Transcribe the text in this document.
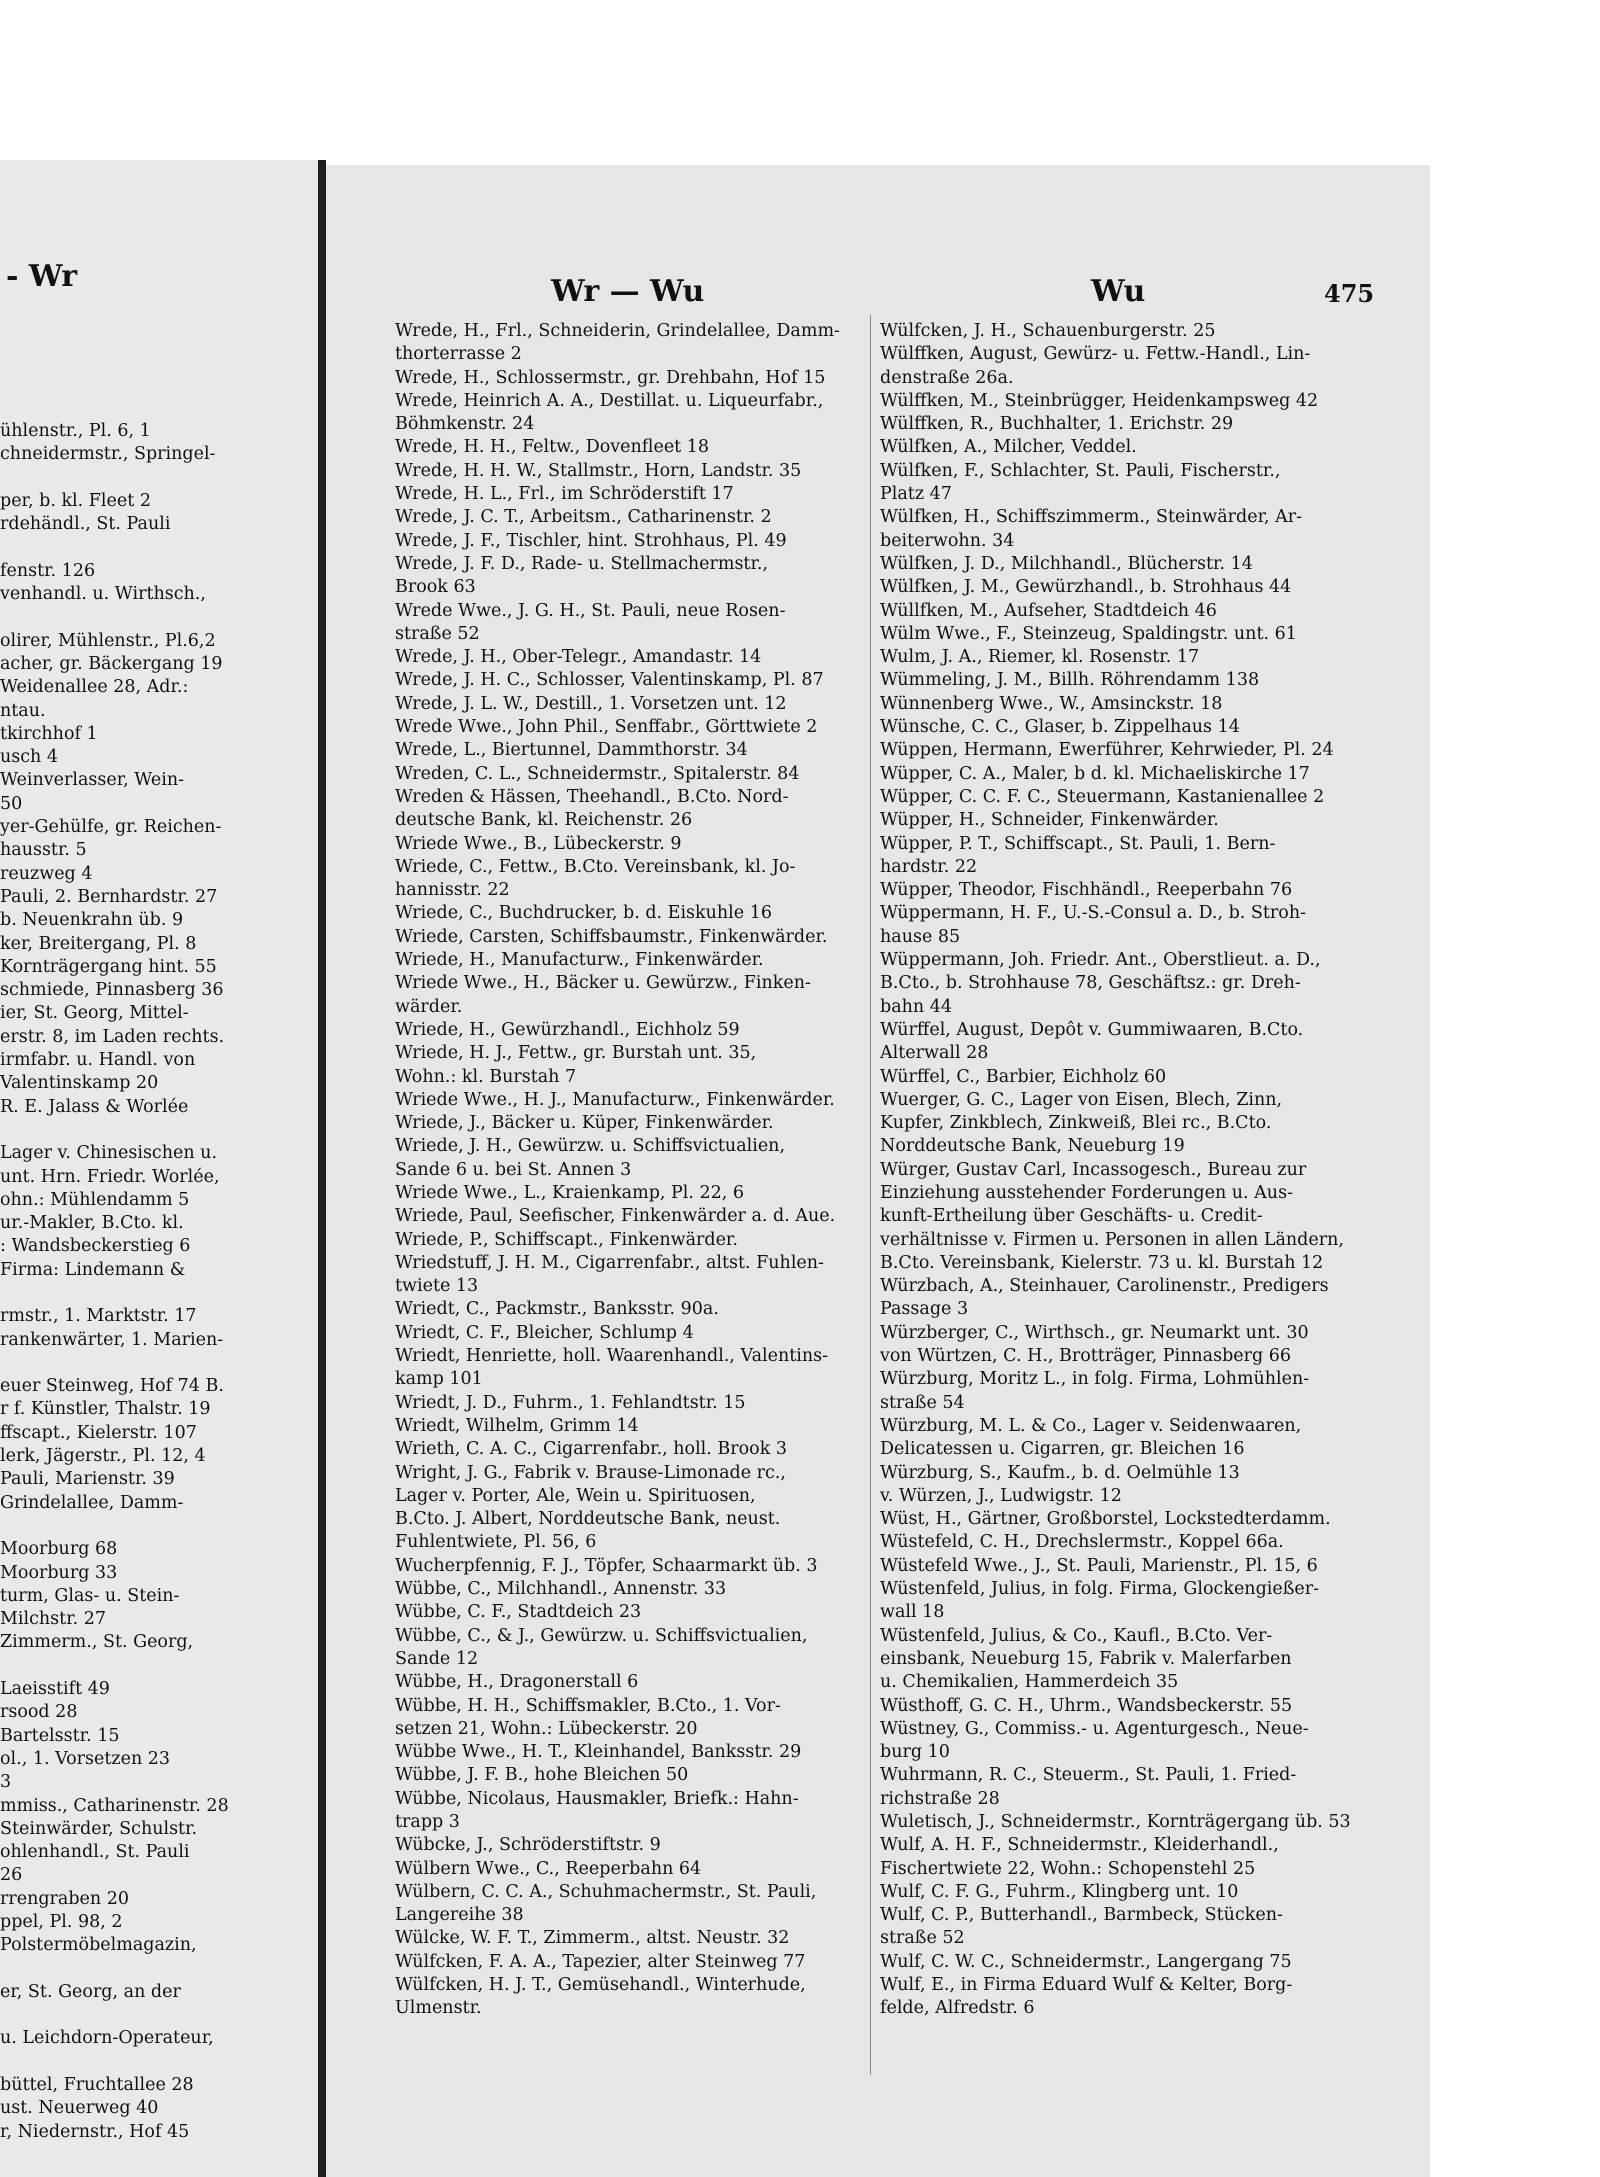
- Wr
ühlenstr., Pl. 6, 1
chneidermstr., Springel-

per, b. kl. Fleet 2
rdehändl., St. Pauli

fenstr. 126
venhandl. u. Wirthsch.,

olirer, Mühlenstr., Pl.6,2
acher, gr. Bäckergang 19
Weidenallee 28, Adr.:
ntau.
tkirchhof 1
usch 4
Weinverlasser, Wein-
50
yer-Gehülfe, gr. Reichen-
hausstr. 5
reuzweg 4
Pauli, 2. Bernhardstr. 27
b. Neuenkrahn üb. 9
ker, Breitergang, Pl. 8
Kornträgergang hint. 55
schmiede, Pinnasberg 36
ier, St. Georg, Mittel-
erstr. 8, im Laden rechts.
irmfabr. u. Handl. von
Valentinskamp 20
R. E. Jalass & Worlée

Lager v. Chinesischen u.
unt. Hrn. Friedr. Worlée,
ohn.: Mühlendamm 5
ur.-Makler, B.Cto. kl.
: Wandsbeckerstieg 6
Firma: Lindemann &

rmstr., 1. Marktstr. 17
rankenwärter, 1. Marien-

euer Steinweg, Hof 74 B.
r f. Künstler, Thalstr. 19
ffscapt., Kielerstr. 107
lerk, Jägerstr., Pl. 12, 4
Pauli, Marienstr. 39
Grindelallee, Damm-

Moorburg 68
Moorburg 33
turm, Glas- u. Stein-
Milchstr. 27
Zimmerm., St. Georg,

Laeisstift 49
rsood 28
Bartelsstr. 15
ol., 1. Vorsetzen 23
3
mmiss., Catharinenstr. 28
Steinwärder, Schulstr.
ohlenhandl., St. Pauli
26
rrengraben 20
ppel, Pl. 98, 2
Polstermöbelmagazin,

er, St. Georg, an der

u. Leichdorn-Operateur,

büttel, Fruchtallee 28
ust. Neuerweg 40
r, Niedernstr., Hof 45
Wr — Wu	Wu	475
Wrede, H., Frl., Schneiderin, Grindelallee, Damm-
thorterrasse 2
Wrede, H., Schlossermstr., gr. Drehbahn, Hof 15
Wrede, Heinrich A. A., Destillat. u. Liqueurfabr.,
Böhmkenstr. 24
Wrede, H. H., Feltw., Dovenfleet 18
Wrede, H. H. W., Stallmstr., Horn, Landstr. 35
Wrede, H. L., Frl., im Schröderstift 17
Wrede, J. C. T., Arbeitsm., Catharinenstr. 2
Wrede, J. F., Tischler, hint. Strohhaus, Pl. 49
Wrede, J. F. D., Rade- u. Stellmachermstr.,
Brook 63
Wrede Wwe., J. G. H., St. Pauli, neue Rosen-
straße 52
Wrede, J. H., Ober-Telegr., Amandastr. 14
Wrede, J. H. C., Schlosser, Valentinskamp, Pl. 87
Wrede, J. L. W., Destill., 1. Vorsetzen unt. 12
Wrede Wwe., John Phil., Senffabr., Görttwiete 2
Wrede, L., Biertunnel, Dammthorstr. 34
Wreden, C. L., Schneidermstr., Spitalerstr. 84
Wreden & Hässen, Theehandl., B.Cto. Nord-
deutsche Bank, kl. Reichenstr. 26
Wriede Wwe., B., Lübeckerstr. 9
Wriede, C., Fettw., B.Cto. Vereinsbank, kl. Jo-
hannisstr. 22
Wriede, C., Buchdrucker, b. d. Eiskuhle 16
Wriede, Carsten, Schiffsbaumstr., Finkenwärder.
Wriede, H., Manufacturw., Finkenwärder.
Wriede Wwe., H., Bäcker u. Gewürzw., Finken-
wärder.
Wriede, H., Gewürzhandl., Eichholz 59
Wriede, H. J., Fettw., gr. Burstah unt. 35,
Wohn.: kl. Burstah 7
Wriede Wwe., H. J., Manufacturw., Finkenwärder.
Wriede, J., Bäcker u. Küper, Finkenwärder.
Wriede, J. H., Gewürzw. u. Schiffsvictualien,
Sande 6 u. bei St. Annen 3
Wriede Wwe., L., Kraienkamp, Pl. 22, 6
Wriede, Paul, Seefischer, Finkenwärder a. d. Aue.
Wriede, P., Schiffscapt., Finkenwärder.
Wriedstuff, J. H. M., Cigarrenfabr., altst. Fuhlen-
twiete 13
Wriedt, C., Packmstr., Banksstr. 90a.
Wriedt, C. F., Bleicher, Schlump 4
Wriedt, Henriette, holl. Waarenhandl., Valentins-
kamp 101
Wriedt, J. D., Fuhrm., 1. Fehlandtstr. 15
Wriedt, Wilhelm, Grimm 14
Wrieth, C. A. C., Cigarrenfabr., holl. Brook 3
Wright, J. G., Fabrik v. Brause-Limonade rc.,
Lager v. Porter, Ale, Wein u. Spirituosen,
B.Cto. J. Albert, Norddeutsche Bank, neust.
Fuhlentwiete, Pl. 56, 6
Wucherpfennig, F. J., Töpfer, Schaarmarkt üb. 3
Wübbe, C., Milchhandl., Annenstr. 33
Wübbe, C. F., Stadtdeich 23
Wübbe, C., & J., Gewürzw. u. Schiffsvictualien,
Sande 12
Wübbe, H., Dragonerstall 6
Wübbe, H. H., Schiffsmakler, B.Cto., 1. Vor-
setzen 21, Wohn.: Lübeckerstr. 20
Wübbe Wwe., H. T., Kleinhandel, Banksstr. 29
Wübbe, J. F. B., hohe Bleichen 50
Wübbe, Nicolaus, Hausmakler, Briefk.: Hahn-
trapp 3
Wübcke, J., Schröderstiftstr. 9
Wülbern Wwe., C., Reeperbahn 64
Wülbern, C. C. A., Schuhmachermstr., St. Pauli,
Langereihe 38
Wülcke, W. F. T., Zimmerm., altst. Neustr. 32
Wülfcken, F. A. A., Tapezier, alter Steinweg 77
Wülfcken, H. J. T., Gemüsehandl., Winterhude,
Ulmenstr.
Wülfcken, J. H., Schauenburgerstr. 25
Wülffken, August, Gewürz- u. Fettw.-Handl., Lin-
denstraße 26a.
Wülffken, M., Steinbrügger, Heidenkampsweg 42
Wülffken, R., Buchhalter, 1. Erichstr. 29
Wülfken, A., Milcher, Veddel.
Wülfken, F., Schlachter, St. Pauli, Fischerstr.,
Platz 47
Wülfken, H., Schiffszimmerm., Steinwärder, Ar-
beiterwohn. 34
Wülfken, J. D., Milchhandl., Blücherstr. 14
Wülfken, J. M., Gewürzhandl., b. Strohhaus 44
Wüllfken, M., Aufseher, Stadtdeich 46
Wülm Wwe., F., Steinzeug, Spaldingstr. unt. 61
Wulm, J. A., Riemer, kl. Rosenstr. 17
Wümmeling, J. M., Billh. Röhrendamm 138
Wünnenberg Wwe., W., Amsinckstr. 18
Wünsche, C. C., Glaser, b. Zippelhaus 14
Wüppen, Hermann, Ewerführer, Kehrwieder, Pl. 24
Wüpper, C. A., Maler, b d. kl. Michaeliskirche 17
Wüpper, C. C. F. C., Steuermann, Kastanienallee 2
Wüpper, H., Schneider, Finkenwärder.
Wüpper, P. T., Schiffscapt., St. Pauli, 1. Bern-
hardstr. 22
Wüpper, Theodor, Fischhändl., Reeperbahn 76
Wüppermann, H. F., U.-S.-Consul a. D., b. Stroh-
hause 85
Wüppermann, Joh. Friedr. Ant., Oberstlieut. a. D.,
B.Cto., b. Strohhause 78, Geschäftsz.: gr. Dreh-
bahn 44
Würffel, August, Depôt v. Gummiwaaren, B.Cto.
Alterwall 28
Würffel, C., Barbier, Eichholz 60
Wuerger, G. C., Lager von Eisen, Blech, Zinn,
Kupfer, Zinkblech, Zinkweiß, Blei rc., B.Cto.
Norddeutsche Bank, Neueburg 19
Würger, Gustav Carl, Incassogesch., Bureau zur
Einziehung ausstehender Forderungen u. Aus-
kunft-Ertheilung über Geschäfts- u. Credit-
verhältnisse v. Firmen u. Personen in allen Ländern,
B.Cto. Vereinsbank, Kielerstr. 73 u. kl. Burstah 12
Würzbach, A., Steinhauer, Carolinenstr., Predigers
Passage 3
Würzberger, C., Wirthsch., gr. Neumarkt unt. 30
von Würtzen, C. H., Brotträger, Pinnasberg 66
Würzburg, Moritz L., in folg. Firma, Lohmühlen-
straße 54
Würzburg, M. L. & Co., Lager v. Seidenwaaren,
Delicatessen u. Cigarren, gr. Bleichen 16
Würzburg, S., Kaufm., b. d. Oelmühle 13
v. Würzen, J., Ludwigstr. 12
Wüst, H., Gärtner, Großborstel, Lockstedterdamm.
Wüstefeld, C. H., Drechslermstr., Koppel 66a.
Wüstefeld Wwe., J., St. Pauli, Marienstr., Pl. 15, 6
Wüstenfeld, Julius, in folg. Firma, Glockengießer-
wall 18
Wüstenfeld, Julius, & Co., Kaufl., B.Cto. Ver-
einsbank, Neueburg 15, Fabrik v. Malerfarben
u. Chemikalien, Hammerdeich 35
Wüsthoff, G. C. H., Uhrm., Wandsbeckerstr. 55
Wüstney, G., Commiss.- u. Agenturgesch., Neue-
burg 10
Wuhrmann, R. C., Steuerm., St. Pauli, 1. Fried-
richstraße 28
Wuletisch, J., Schneidermstr., Kornträgergang üb. 53
Wulf, A. H. F., Schneidermstr., Kleiderhandl.,
Fischertwiete 22, Wohn.: Schopenstehl 25
Wulf, C. F. G., Fuhrm., Klingberg unt. 10
Wulf, C. P., Butterhandl., Barmbeck, Stücken-
straße 52
Wulf, C. W. C., Schneidermstr., Langergang 75
Wulf, E., in Firma Eduard Wulf & Kelter, Borg-
felde, Alfredstr. 6
